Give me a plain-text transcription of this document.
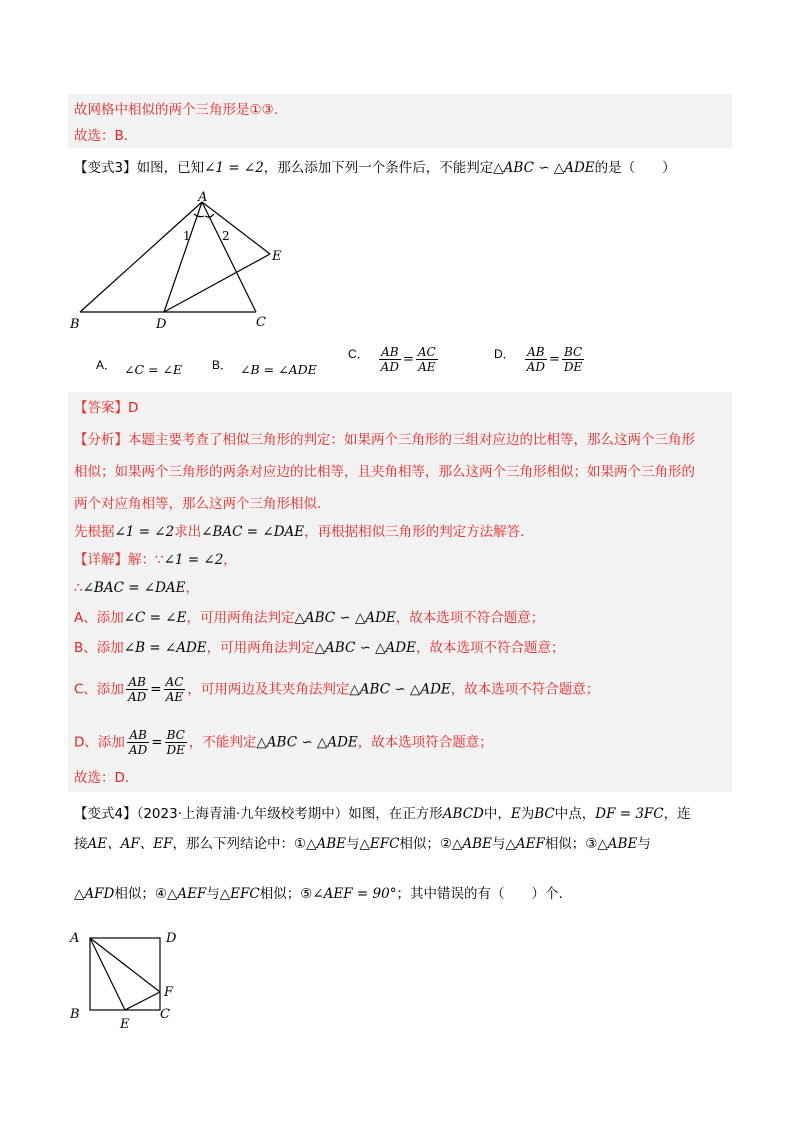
故网格中相似的两个三角形是①③.
故选：B.
【变式3】如图，已知∠1 = ∠2，那么添加下列一个条件后，不能判定△ABC ∽ △ADE的是（　　）
A
B	D	C
E
1	2
A． ∠C = ∠E B． ∠B = ∠ADE
C． $\frac{AB}{AD} = \frac{AC}{AE}$	D． $\frac{AB}{AD} = \frac{BC}{DE}$
【答案】D
【分析】本题主要考查了相似三角形的判定：如果两个三角形的三组对应边的比相等，那么这两个三角形
相似；如果两个三角形的两条对应边的比相等，且夹角相等，那么这两个三角形相似；如果两个三角形的
两个对应角相等，那么这两个三角形相似.
先根据∠1 = ∠2求出∠BAC = ∠DAE，再根据相似三角形的判定方法解答.
【详解】解：∵∠1 = ∠2，
∴∠BAC = ∠DAE，
A、添加∠C = ∠E，可用两角法判定△ABC ∽ △ADE，故本选项不符合题意；
B、添加∠B = ∠ADE，可用两角法判定△ABC ∽ △ADE，故本选项不符合题意；
C、添加 $\frac{AB}{AD} = \frac{AC}{AE}$ ，可用两边及其夹角法判定△ABC ∽ △ADE，故本选项不符合题意；
D、添加 $\frac{AB}{AD} = \frac{BC}{DE}$ ，不能判定△ABC ∽ △ADE，故本选项符合题意；
故选：D.
【变式4】（2023·上海青浦·九年级校考期中）如图，在正方形ABCD中，E为BC中点，DF = 3FC，连
接AE、AF、EF，那么下列结论中：①△ABE与△EFC相似；②△ABE与△AEF相似；③△ABE与
△AFD相似；④△AEF与△EFC相似；⑤∠AEF = 90°；其中错误的有（　　）个.
A	D
B	C
F
E
